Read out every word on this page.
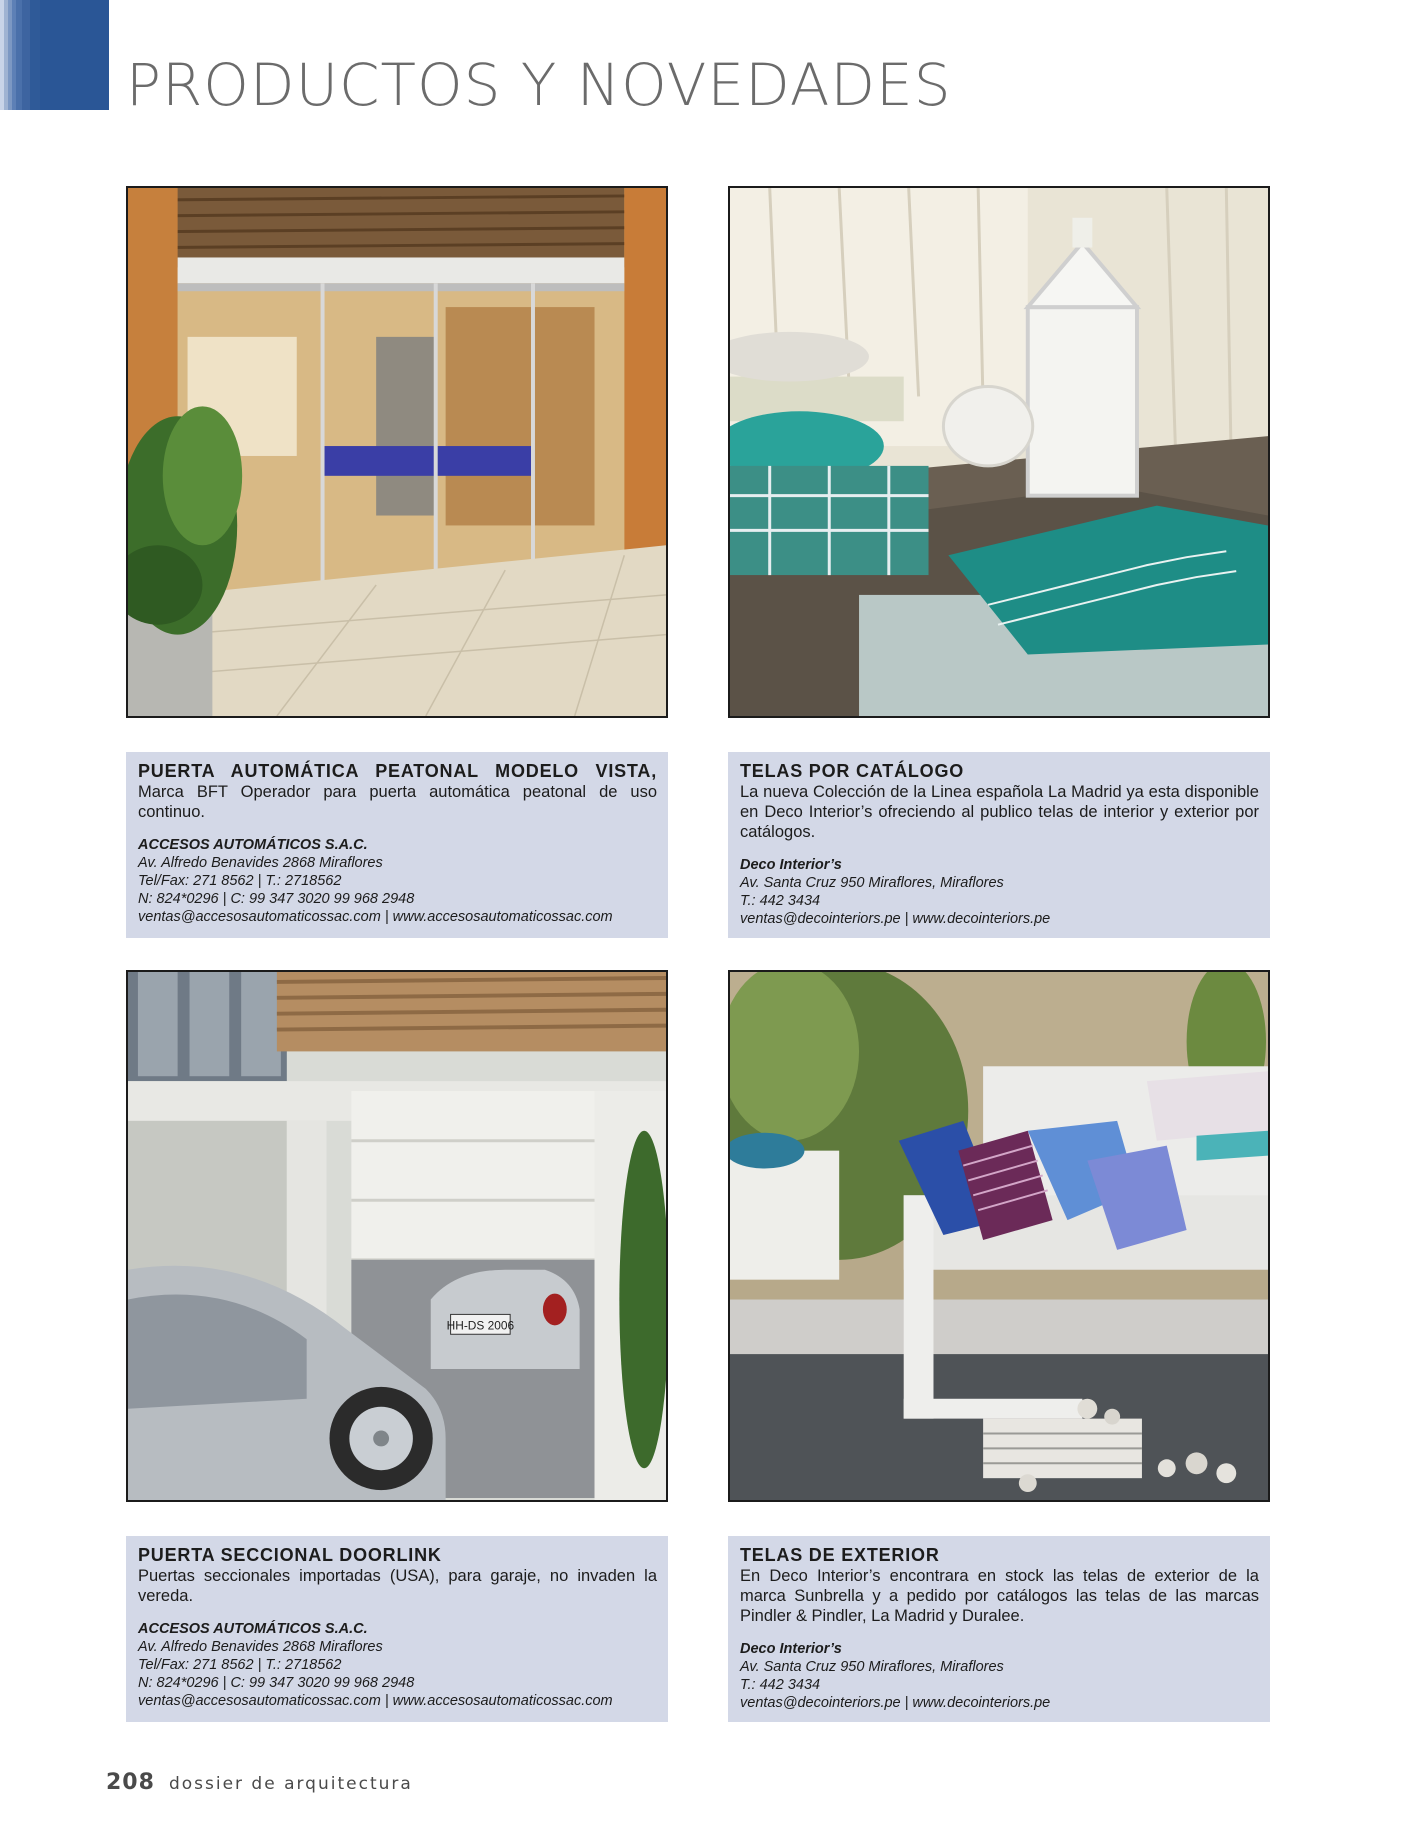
PRODUCTOS Y NOVEDADES
HH-DS 2006
PUERTA AUTOMÁTICA PEATONAL MODELO VISTA,
Marca BFT Operador para puerta automática peatonal de uso continuo.
ACCESOS AUTOMÁTICOS S.A.C.
Av. Alfredo Benavides 2868 Miraflores
Tel/Fax: 271 8562 | T.: 2718562
N: 824*0296 | C: 99 347 3020 99 968 2948
ventas@accesosautomaticossac.com | www.accesosautomaticossac.com
TELAS POR CATÁLOGO
La nueva Colección de la Linea española La Madrid ya esta disponible en Deco Interior’s ofreciendo al publico telas de interior y exterior por catálogos.
Deco Interior’s
Av. Santa Cruz 950 Miraflores, Miraflores
T.: 442 3434
ventas@decointeriors.pe | www.decointeriors.pe
PUERTA SECCIONAL DOORLINK
Puertas seccionales importadas (USA), para garaje, no invaden la vereda.
ACCESOS AUTOMÁTICOS S.A.C.
Av. Alfredo Benavides 2868 Miraflores
Tel/Fax: 271 8562 | T.: 2718562
N: 824*0296 | C: 99 347 3020 99 968 2948
ventas@accesosautomaticossac.com | www.accesosautomaticossac.com
TELAS DE EXTERIOR
En Deco Interior’s encontrara en stock las telas de exterior de la marca Sunbrella y a pedido por catálogos las telas de las marcas Pindler & Pindler, La Madrid y Duralee.
Deco Interior’s
Av. Santa Cruz 950 Miraflores, Miraflores
T.: 442 3434
ventas@decointeriors.pe | www.decointeriors.pe
208 dossier de arquitectura
